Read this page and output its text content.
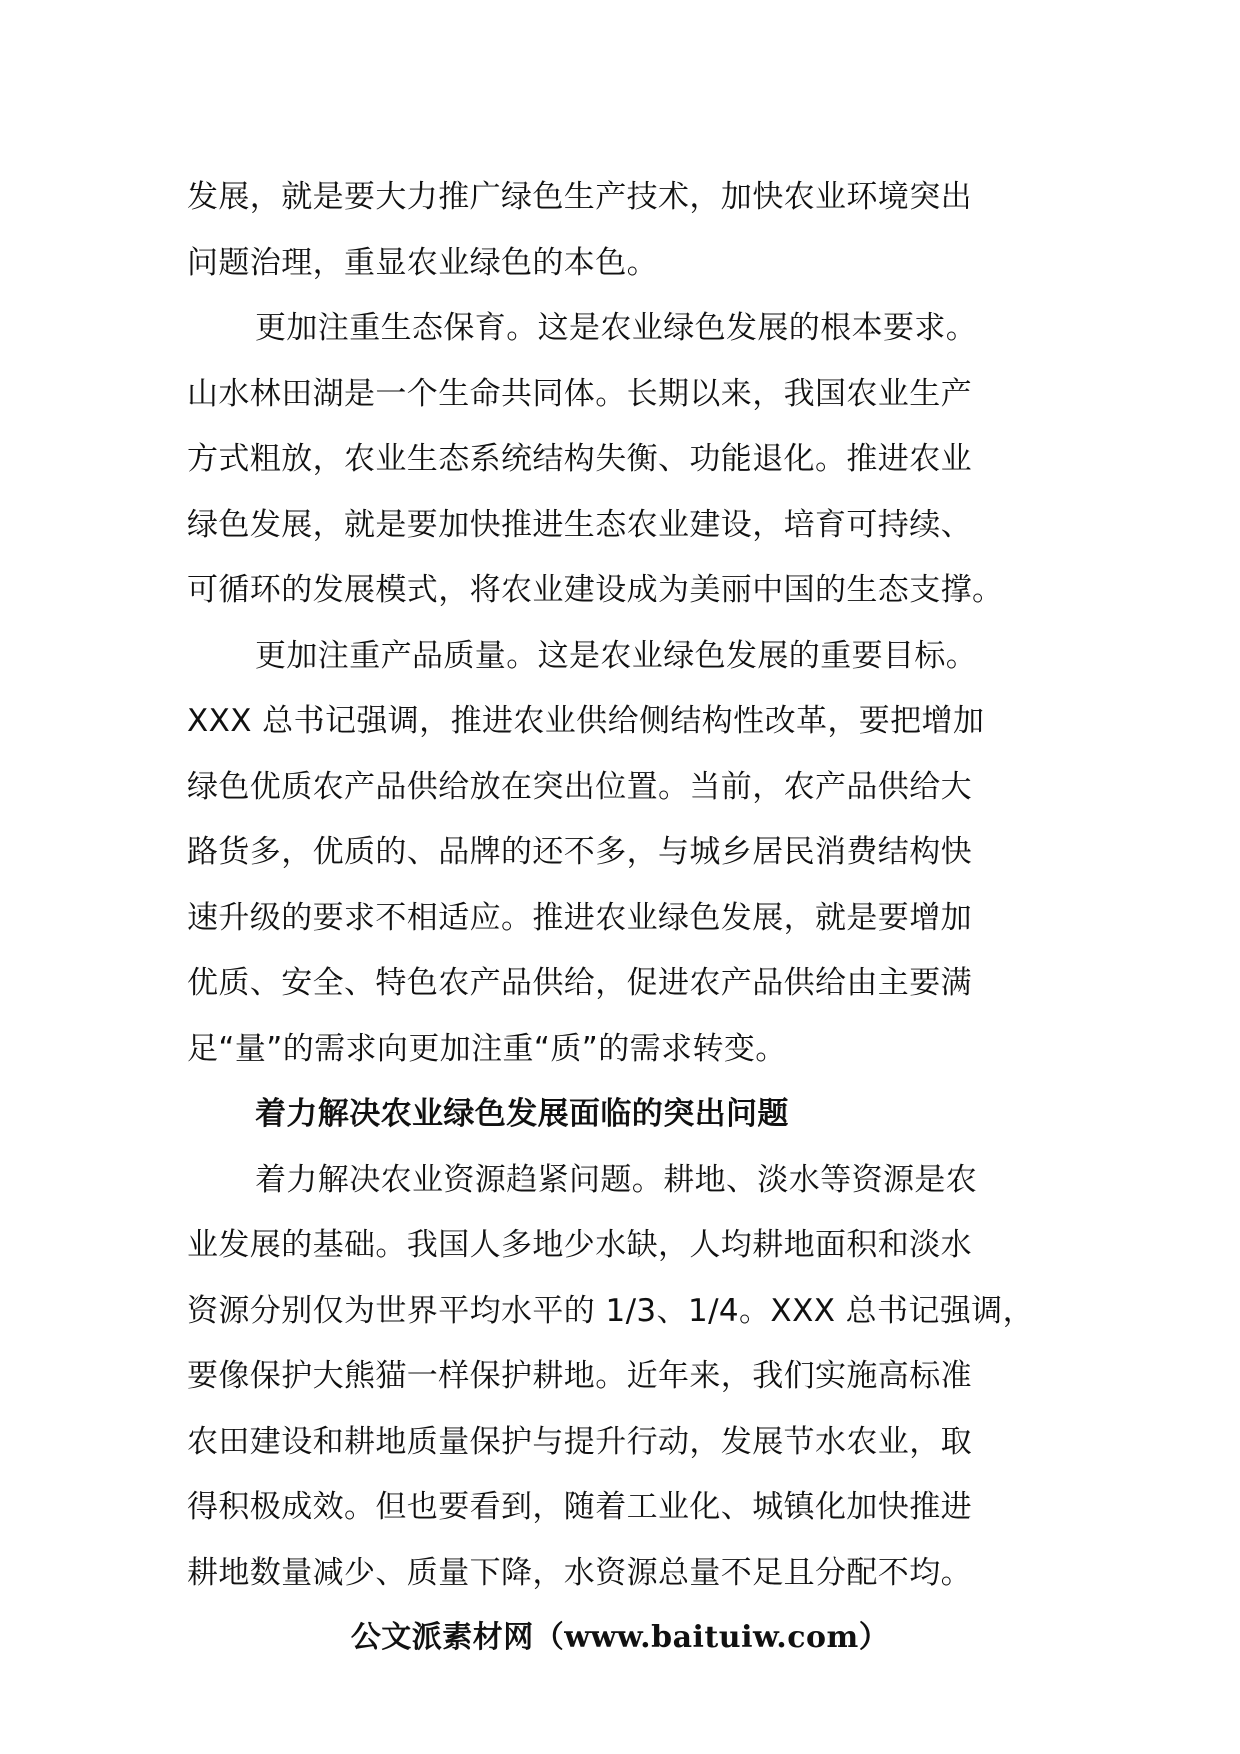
发展，就是要大力推广绿色生产技术，加快农业环境突出
问题治理，重显农业绿色的本色。
更加注重生态保育。这是农业绿色发展的根本要求。
山水林田湖是一个生命共同体。长期以来，我国农业生产
方式粗放，农业生态系统结构失衡、功能退化。推进农业
绿色发展，就是要加快推进生态农业建设，培育可持续、
可循环的发展模式，将农业建设成为美丽中国的生态支撑。
更加注重产品质量。这是农业绿色发展的重要目标。
XXX 总书记强调，推进农业供给侧结构性改革，要把增加
绿色优质农产品供给放在突出位置。当前，农产品供给大
路货多，优质的、品牌的还不多，与城乡居民消费结构快
速升级的要求不相适应。推进农业绿色发展，就是要增加
优质、安全、特色农产品供给，促进农产品供给由主要满
足“量”的需求向更加注重“质”的需求转变。
着力解决农业绿色发展面临的突出问题
着力解决农业资源趋紧问题。耕地、淡水等资源是农
业发展的基础。我国人多地少水缺，人均耕地面积和淡水
资源分别仅为世界平均水平的 1/3、1/4。XXX 总书记强调，
要像保护大熊猫一样保护耕地。近年来，我们实施高标准
农田建设和耕地质量保护与提升行动，发展节水农业，取
得积极成效。但也要看到，随着工业化、城镇化加快推进
耕地数量减少、质量下降，水资源总量不足且分配不均。
公文派素材网（www.baituiw.com）
